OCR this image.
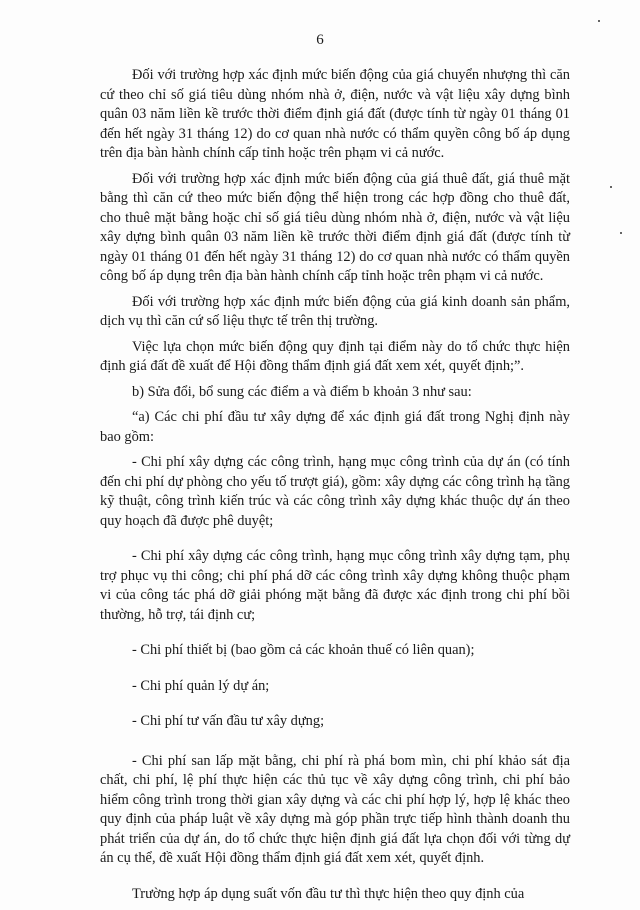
6

Đối với trường hợp xác định mức biến động của giá chuyển nhượng thì căn cứ theo chỉ số giá tiêu dùng nhóm nhà ở, điện, nước và vật liệu xây dựng bình quân 03 năm liền kề trước thời điểm định giá đất (được tính từ ngày 01 tháng 01 đến hết ngày 31 tháng 12) do cơ quan nhà nước có thẩm quyền công bố áp dụng trên địa bàn hành chính cấp tỉnh hoặc trên phạm vi cả nước.

Đối với trường hợp xác định mức biến động của giá thuê đất, giá thuê mặt bằng thì căn cứ theo mức biến động thể hiện trong các hợp đồng cho thuê đất, cho thuê mặt bằng hoặc chỉ số giá tiêu dùng nhóm nhà ở, điện, nước và vật liệu xây dựng bình quân 03 năm liền kề trước thời điểm định giá đất (được tính từ ngày 01 tháng 01 đến hết ngày 31 tháng 12) do cơ quan nhà nước có thẩm quyền công bố áp dụng trên địa bàn hành chính cấp tỉnh hoặc trên phạm vi cả nước.

Đối với trường hợp xác định mức biến động của giá kinh doanh sản phẩm, dịch vụ thì căn cứ số liệu thực tế trên thị trường.

Việc lựa chọn mức biến động quy định tại điểm này do tổ chức thực hiện định giá đất đề xuất để Hội đồng thẩm định giá đất xem xét, quyết định;”.

b) Sửa đổi, bổ sung các điểm a và điểm b khoản 3 như sau:

“a) Các chi phí đầu tư xây dựng để xác định giá đất trong Nghị định này bao gồm:

- Chi phí xây dựng các công trình, hạng mục công trình của dự án (có tính đến chi phí dự phòng cho yếu tố trượt giá), gồm: xây dựng các công trình hạ tầng kỹ thuật, công trình kiến trúc và các công trình xây dựng khác thuộc dự án theo quy hoạch đã được phê duyệt;

- Chi phí xây dựng các công trình, hạng mục công trình xây dựng tạm, phụ trợ phục vụ thi công; chi phí phá dỡ các công trình xây dựng không thuộc phạm vi của công tác phá dỡ giải phóng mặt bằng đã được xác định trong chi phí bồi thường, hỗ trợ, tái định cư;

- Chi phí thiết bị (bao gồm cả các khoản thuế có liên quan);

- Chi phí quản lý dự án;

- Chi phí tư vấn đầu tư xây dựng;

- Chi phí san lấp mặt bằng, chi phí rà phá bom mìn, chi phí khảo sát địa chất, chi phí, lệ phí thực hiện các thủ tục về xây dựng công trình, chi phí bảo hiểm công trình trong thời gian xây dựng và các chi phí hợp lý, hợp lệ khác theo quy định của pháp luật về xây dựng mà góp phần trực tiếp hình thành doanh thu phát triển của dự án, do tổ chức thực hiện định giá đất lựa chọn đối với từng dự án cụ thể, đề xuất Hội đồng thẩm định giá đất xem xét, quyết định.

Trường hợp áp dụng suất vốn đầu tư thì thực hiện theo quy định của
